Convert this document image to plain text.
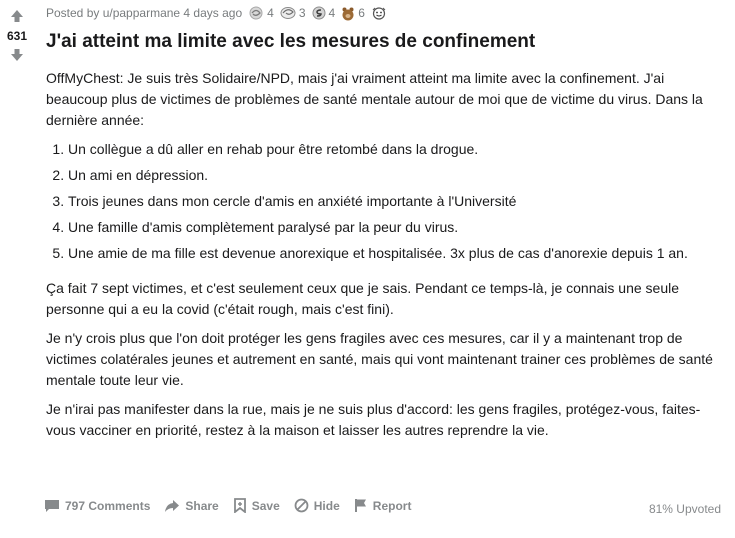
631
Posted by u/papparmane 4 days ago 4 3 4 6
J'ai atteint ma limite avec les mesures de confinement

OffMyChest: Je suis très Solidaire/NPD, mais j'ai vraiment atteint ma limite avec la confinement. J'ai beaucoup plus de victimes de problèmes de santé mentale autour de moi que de victime du virus. Dans la dernière année:

1. Un collègue a dû aller en rehab pour être retombé dans la drogue.
2. Un ami en dépression.
3. Trois jeunes dans mon cercle d'amis en anxiété importante à l'Université
4. Une famille d'amis complètement paralysé par la peur du virus.
5. Une amie de ma fille est devenue anorexique et hospitalisée. 3x plus de cas d'anorexie depuis 1 an.

Ça fait 7 sept victimes, et c'est seulement ceux que je sais. Pendant ce temps-là, je connais une seule personne qui a eu la covid (c'était rough, mais c'est fini).

Je n'y crois plus que l'on doit protéger les gens fragiles avec ces mesures, car il y a maintenant trop de victimes colatérales jeunes et autrement en santé, mais qui vont maintenant trainer ces problèmes de santé mentale toute leur vie.

Je n'irai pas manifester dans la rue, mais je ne suis plus d'accord: les gens fragiles, protégez-vous, faites-vous vacciner en priorité, restez à la maison et laisser les autres reprendre la vie.

797 Comments	Share	Save	Hide	Report	81% Upvoted
